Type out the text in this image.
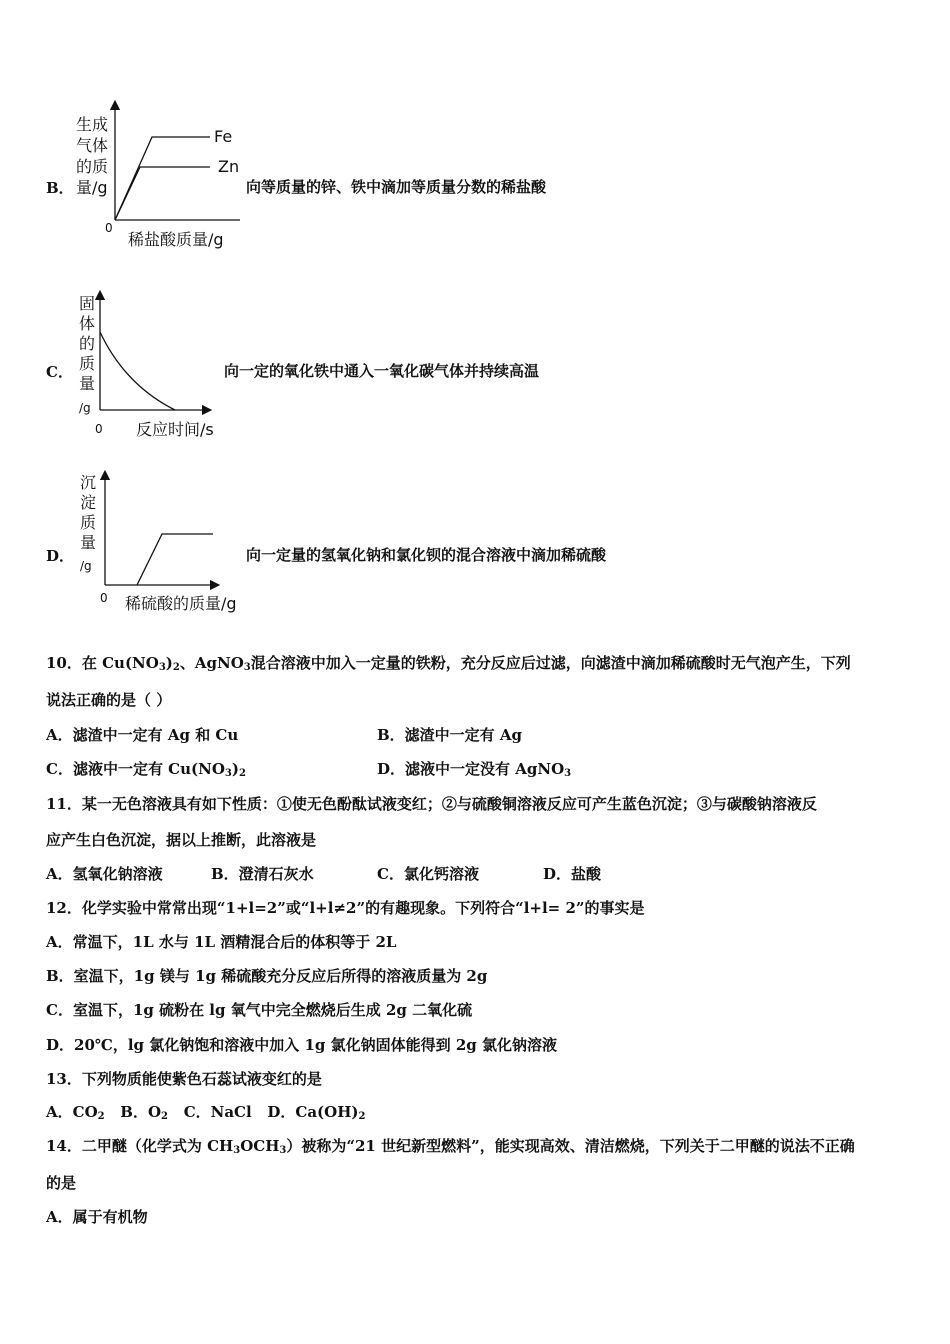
B．
生成
气体
的质
量/g
0
稀盐酸质量/g
Fe
Zn
向等质量的锌、铁中滴加等质量分数的稀盐酸
C．
固
体
的
质
量
/g
0 反应时间/s
向一定的氧化铁中通入一氧化碳气体并持续高温
D．
沉
淀
质
量
/g
0 稀硫酸的质量/g
向一定量的氢氧化钠和氯化钡的混合溶液中滴加稀硫酸
10．在 $Cu(NO_3)_2$、AgNO$_3$混合溶液中加入一定量的铁粉，充分反应后过滤，向滤渣中滴加稀硫酸时无气泡产生，下列
说法正确的是（ ）
A．滤渣中一定有 Ag 和 Cu	B．滤渣中一定有 Ag
C．滤液中一定有 $Cu(NO_3)_2$	D．滤液中一定没有 AgNO$_3$
11．某一无色溶液具有如下性质：①使无色酚酞试液变红；②与硫酸铜溶液反应可产生蓝色沉淀；③与碳酸钠溶液反
应产生白色沉淀，据以上推断，此溶液是
A．氢氧化钠溶液	B．澄清石灰水	C．氯化钙溶液	D．盐酸
12．化学实验中常常出现“1+l=2”或“l+l≠2”的有趣现象。下列符合“l+l= 2”的事实是
A．常温下，1L 水与 1L 酒精混合后的体积等于 2L
B．室温下，1g 镁与 1g 稀硫酸充分反应后所得的溶液质量为 2g
C．室温下，1g 硫粉在 lg 氧气中完全燃烧后生成 2g 二氧化硫
D．20℃，lg 氯化钠饱和溶液中加入 1g 氯化钠固体能得到 2g 氯化钠溶液
13．下列物质能使紫色石蕊试液变红的是
A．$CO_2$ B．$O_2$ C．NaCl D．$Ca(OH)_2$
14．二甲醚（化学式为 $CH_3OCH_3$）被称为“21 世纪新型燃料”，能实现高效、清洁燃烧，下列关于二甲醚的说法不正确
的是
A．属于有机物
